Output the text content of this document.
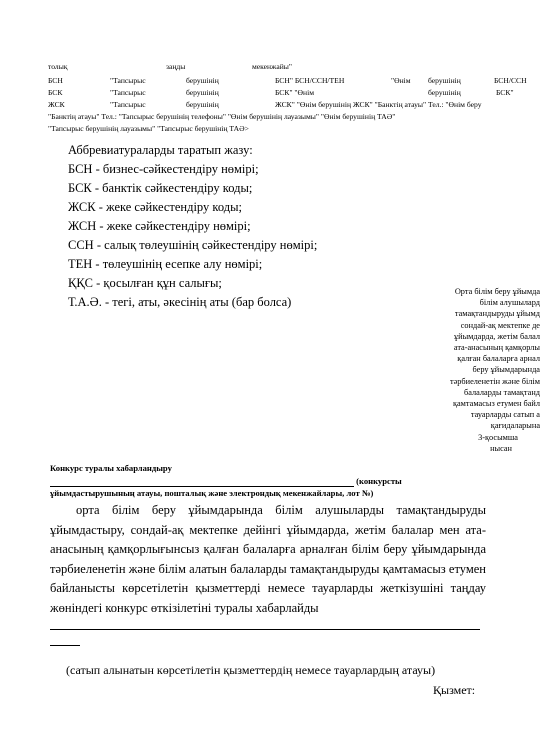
толық	заңды	мекенжайы"
БСН	"Тапсырыс	берушінің	БСН" БСН/ССН/ТЕН	"Өнім берушінің	БСН/ССН
БСК	"Тапсырыс	берушінің	БСК" "Өнім	берушінің	БСК"
ЖСК	"Тапсырыс	берушінің	ЖСК" "Өнім берушінің ЖСК" "Банктің атауы" Тел.: "Өнім беру
"Банктің атауы" Тел.: "Тапсырыс берушінің телефоны" "Өнім берушінің лауазымы" "Өнім берушінің ТАӘ"
"Тапсырыс берушінің лауазымы" "Тапсырыс берушінің ТАӘ>
Аббревиатураларды таратып жазу:
БСН - бизнес-сәйкестендіру нөмірі;
БСК - банктік сәйкестендіру коды;
ЖСК - жеке сәйкестендіру коды;
ЖСН - жеке сәйкестендіру нөмірі;
ССН - салық төлеушінің сәйкестендіру нөмірі;
ТЕН - төлеушінің есепке алу нөмірі;
ҚҚС - қосылған құн салығы;
Т.А.Ә. - тегі, аты, әкесінің аты (бар болса)
Орта білім беру ұйымда
білім алушылард
тамақтандыруды ұйымд
сондай-ақ мектепке де
ұйымдарда, жетім балал
ата-анасының қамқорлы
қалған балаларға арнал
беру ұйымдарында
тәрбиеленетін және білім
балаларды тамақтанд
қамтамасыз етумен байл
тауарларды сатып а
қағидаларына
3-қосымша
нысан
Конкурс туралы хабарландыру
(конкурсты
ұйымдастырушының атауы, пошталық және электрондық мекенжайлары, лот №)
орта білім беру ұйымдарында білім алушыларды тамақтандыруды ұйымдастыру, сондай-ақ мектепке дейінгі ұйымдарда, жетім балалар мен ата-анасының қамқорлығынсыз қалған балаларға арналған білім беру ұйымдарында тәрбиеленетін және білім алатын балаларды тамақтандыруды қамтамасыз етумен байланысты көрсетілетін қызметтерді немесе тауарларды жеткізушіні таңдау жөніндегі конкурс өткізілетіні туралы хабарлайды
(сатып алынатын көрсетілетін қызметтердің немесе тауарлардың атауы)
Қызмет:
